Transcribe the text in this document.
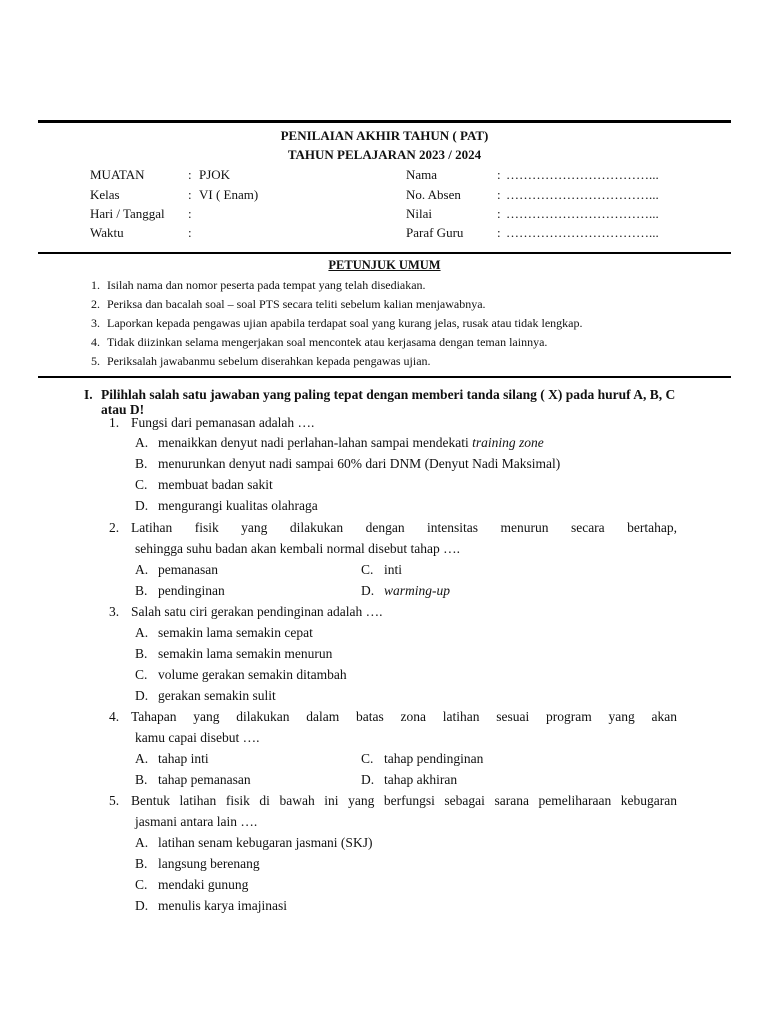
PENILAIAN AKHIR TAHUN ( PAT)
TAHUN PELAJARAN 2023 / 2024
MUATAN	: PJOK
Kelas	: VI ( Enam)
Hari / Tanggal :
Waktu	:
Nama	: ……………………………...
No. Absen	: ……………………………...
Nilai	: ……………………………...
Paraf Guru	: ……………………………...
PETUNJUK UMUM
1. Isilah nama dan nomor peserta pada tempat yang telah disediakan.
2. Periksa dan bacalah soal – soal PTS secara teliti sebelum kalian menjawabnya.
3. Laporkan kepada pengawas ujian apabila terdapat soal yang kurang jelas, rusak atau tidak lengkap.
4. Tidak diizinkan selama mengerjakan soal mencontek atau kerjasama dengan teman lainnya.
5. Periksalah jawabanmu sebelum diserahkan kepada pengawas ujian.
I. Pilihlah salah satu jawaban yang paling tepat dengan memberi tanda silang ( X) pada huruf A, B, C atau D!
1. Fungsi dari pemanasan adalah ….
A. menaikkan denyut nadi perlahan-lahan sampai mendekati training zone
B. menurunkan denyut nadi sampai 60% dari DNM (Denyut Nadi Maksimal)
C. membuat badan sakit
D. mengurangi kualitas olahraga
2. Latihan fisik yang dilakukan dengan intensitas menurun secara bertahap,
sehingga suhu badan akan kembali normal disebut tahap ….
A. pemanasan	C. inti
B. pendinginan	D. warming-up
3. Salah satu ciri gerakan pendinginan adalah ….
A. semakin lama semakin cepat
B. semakin lama semakin menurun
C. volume gerakan semakin ditambah
D. gerakan semakin sulit
4. Tahapan yang dilakukan dalam batas zona latihan sesuai program yang akan
kamu capai disebut ….
A. tahap inti	C. tahap pendinginan
B. tahap pemanasan	D. tahap akhiran
5. Bentuk latihan fisik di bawah ini yang berfungsi sebagai sarana pemeliharaan kebugaran
jasmani antara lain ….
A. latihan senam kebugaran jasmani (SKJ)
B. langsung berenang
C. mendaki gunung
D. menulis karya imajinasi
